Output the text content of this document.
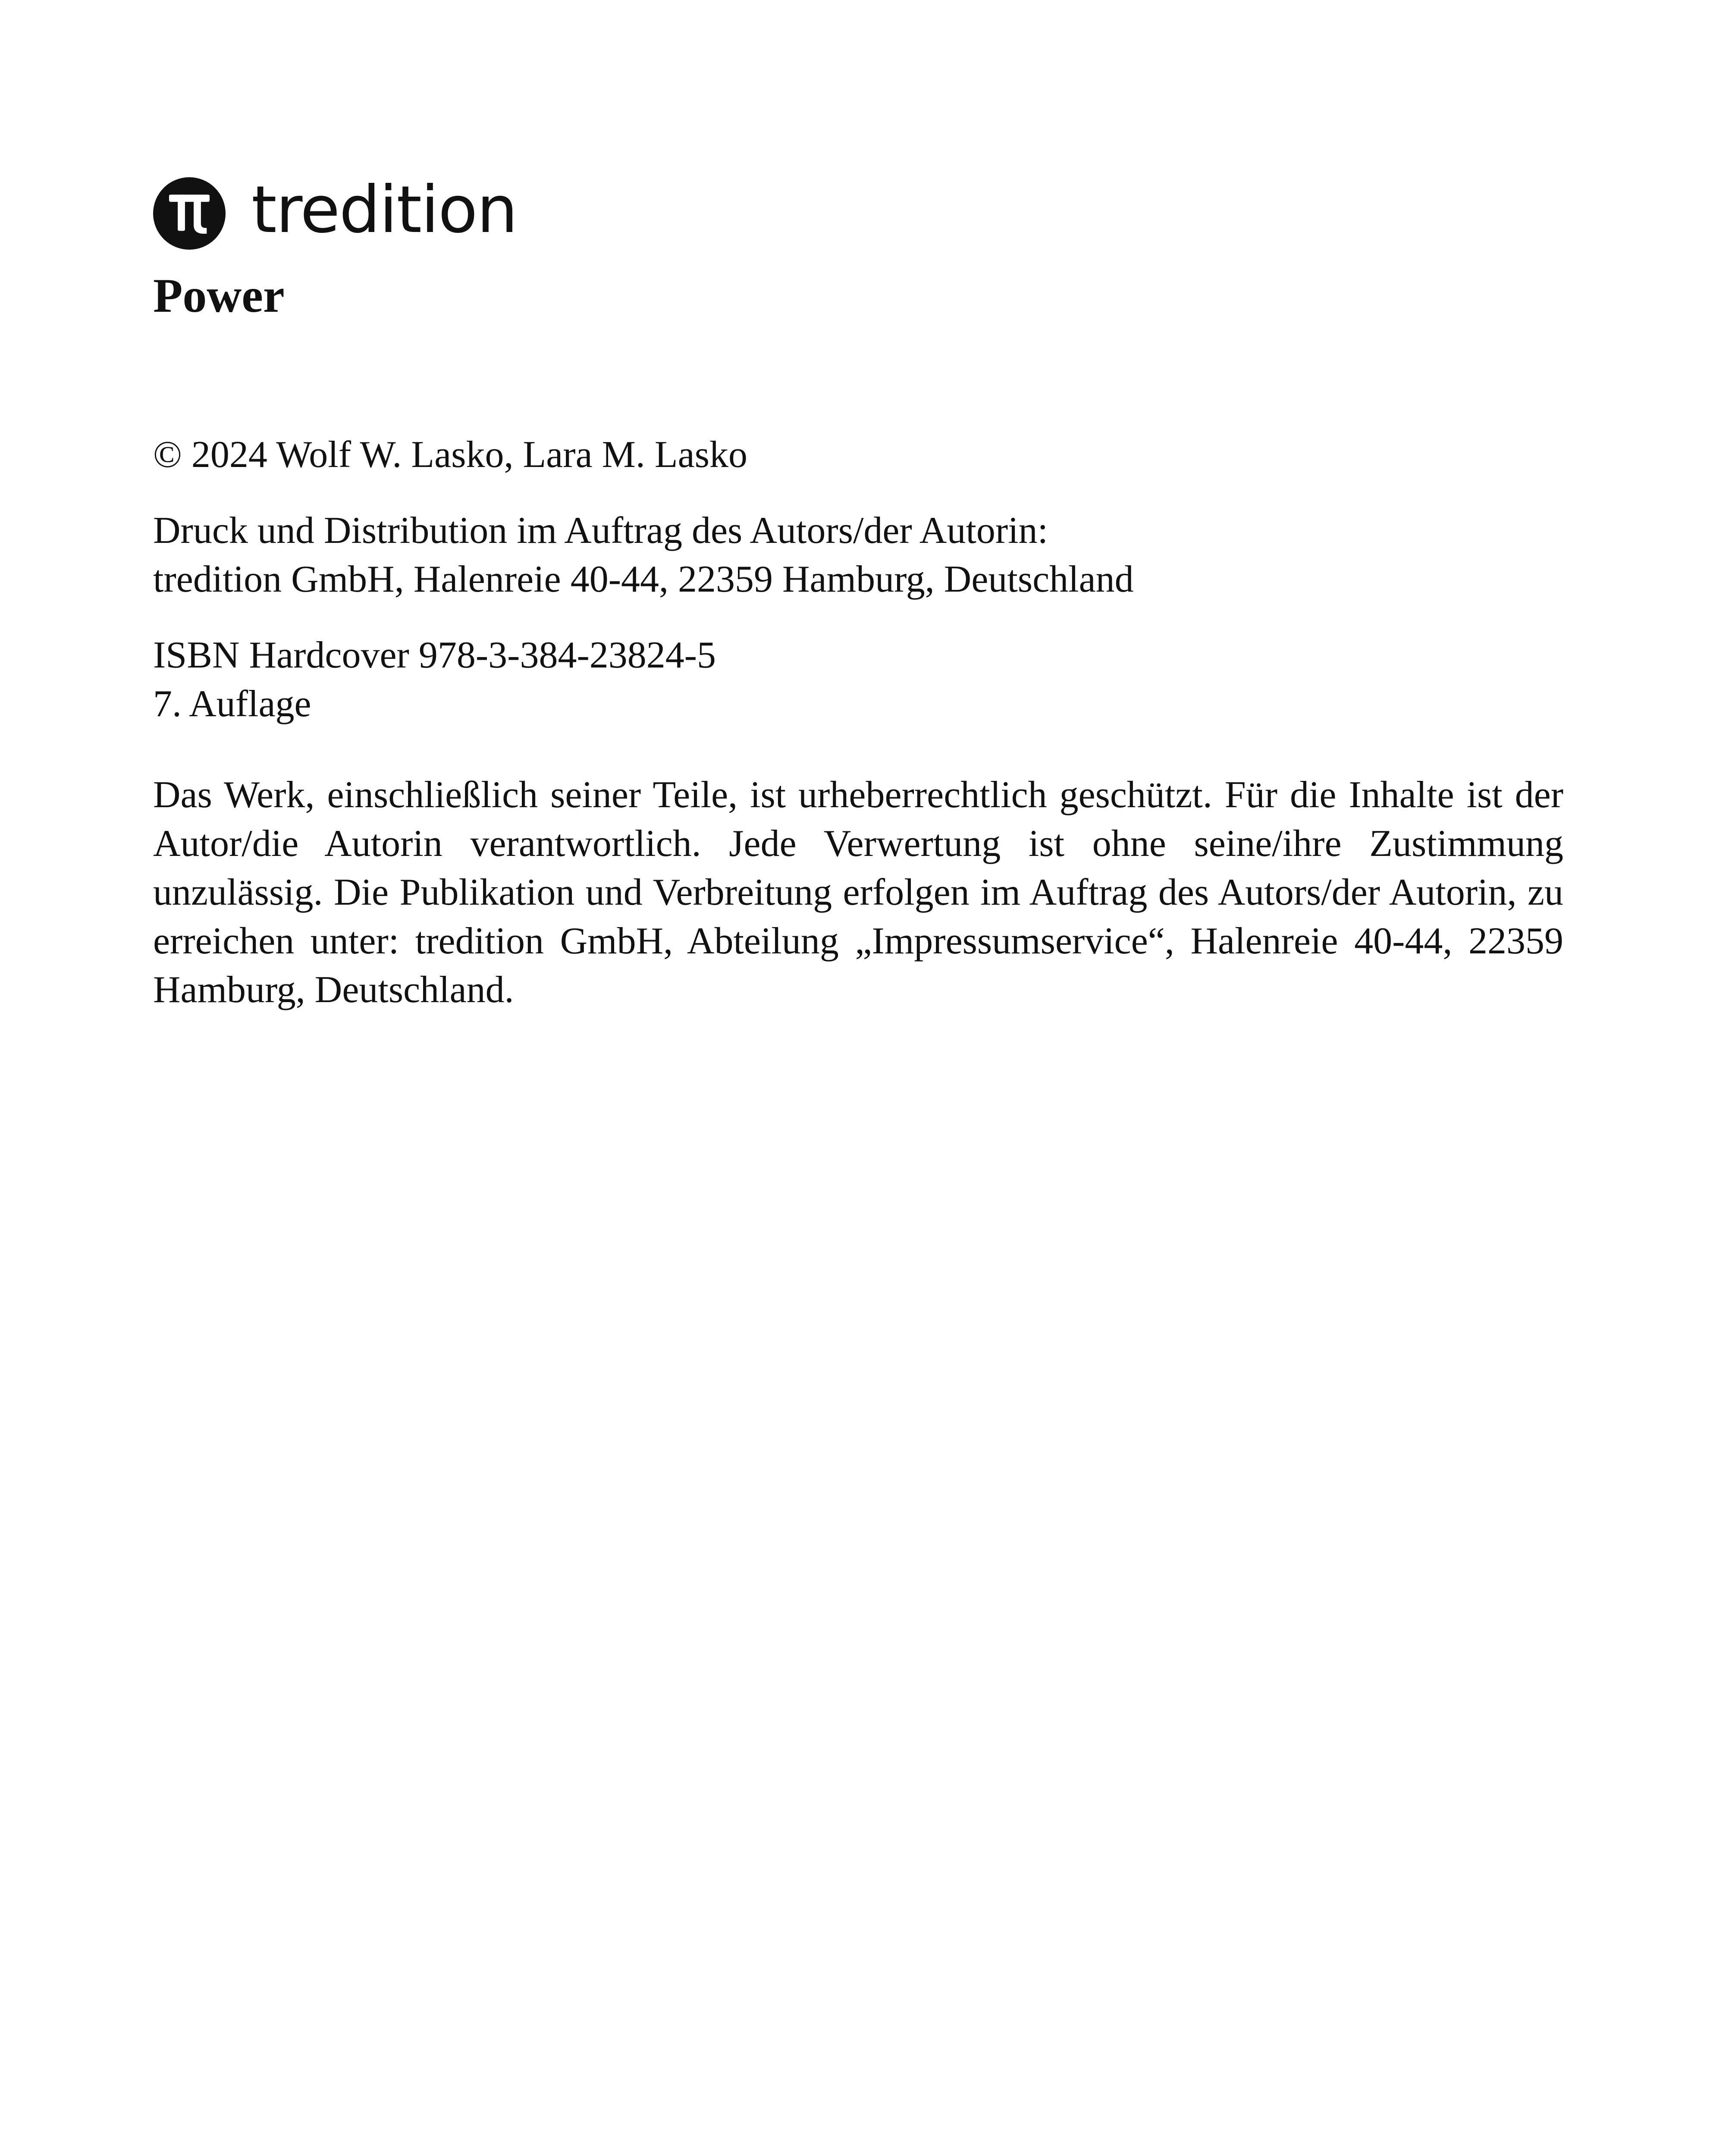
tredition
Power

© 2024 Wolf W. Lasko, Lara M. Lasko

Druck und Distribution im Auftrag des Autors/der Autorin:
tredition GmbH, Halenreie 40-44, 22359 Hamburg, Deutschland

ISBN Hardcover 978-3-384-23824-5
7. Auflage

Das Werk, einschließlich seiner Teile, ist urheberrechtlich geschützt. Für die Inhalte ist der Autor/die Autorin verantwortlich. Jede Verwertung ist ohne seine/ihre Zustimmung unzulässig. Die Publikation und Verbreitung erfolgen im Auftrag des Autors/der Autorin, zu erreichen unter: tredition GmbH, Abteilung „Impressumservice“, Halenreie 40-44, 22359 Hamburg, Deutschland.
